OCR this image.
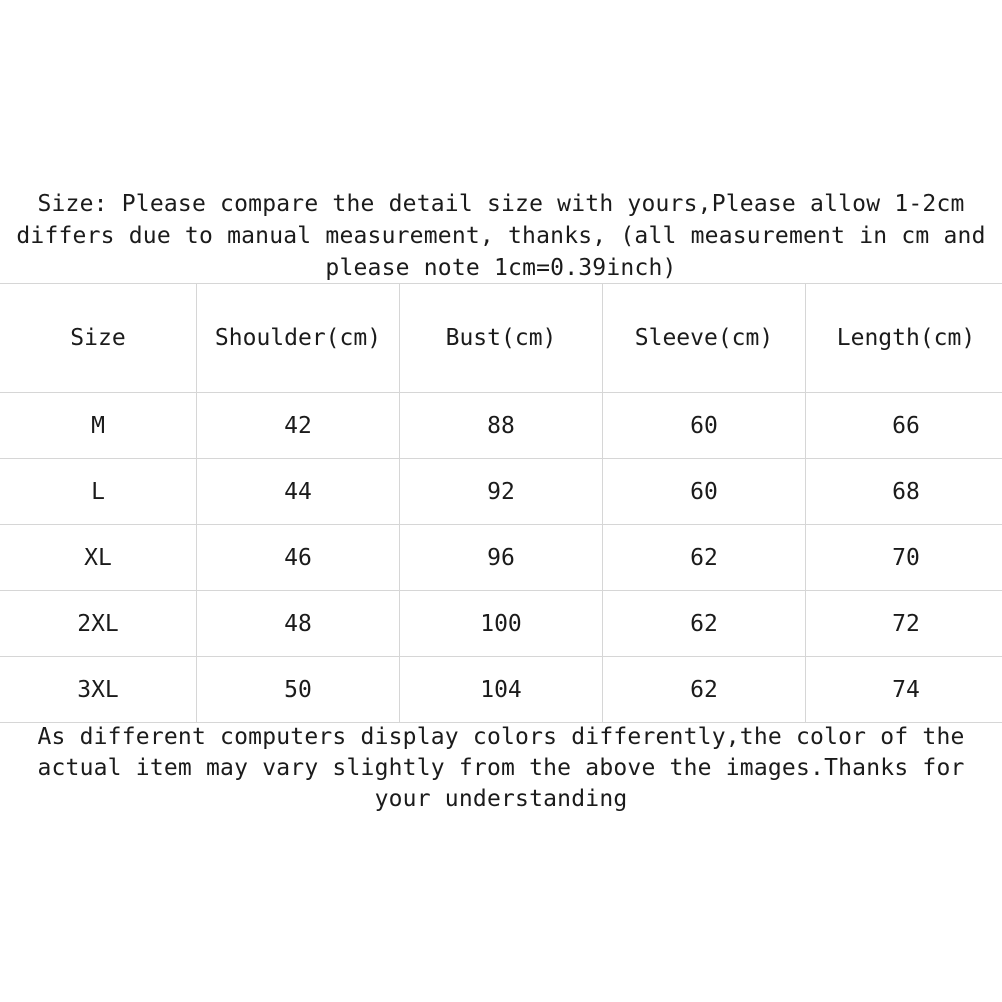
Size: Please compare the detail size with yours,Please allow 1-2cm differs due to manual measurement, thanks, (all measurement in cm and please note 1cm=0.39inch)
Size	Shoulder(cm)	Bust(cm)	Sleeve(cm)	Length(cm)
M	42	88	60	66
L	44	92	60	68
XL	46	96	62	70
2XL	48	100	62	72
3XL	50	104	62	74
As different computers display colors differently,the color of the actual item may vary slightly from the above the images.Thanks for your understanding
